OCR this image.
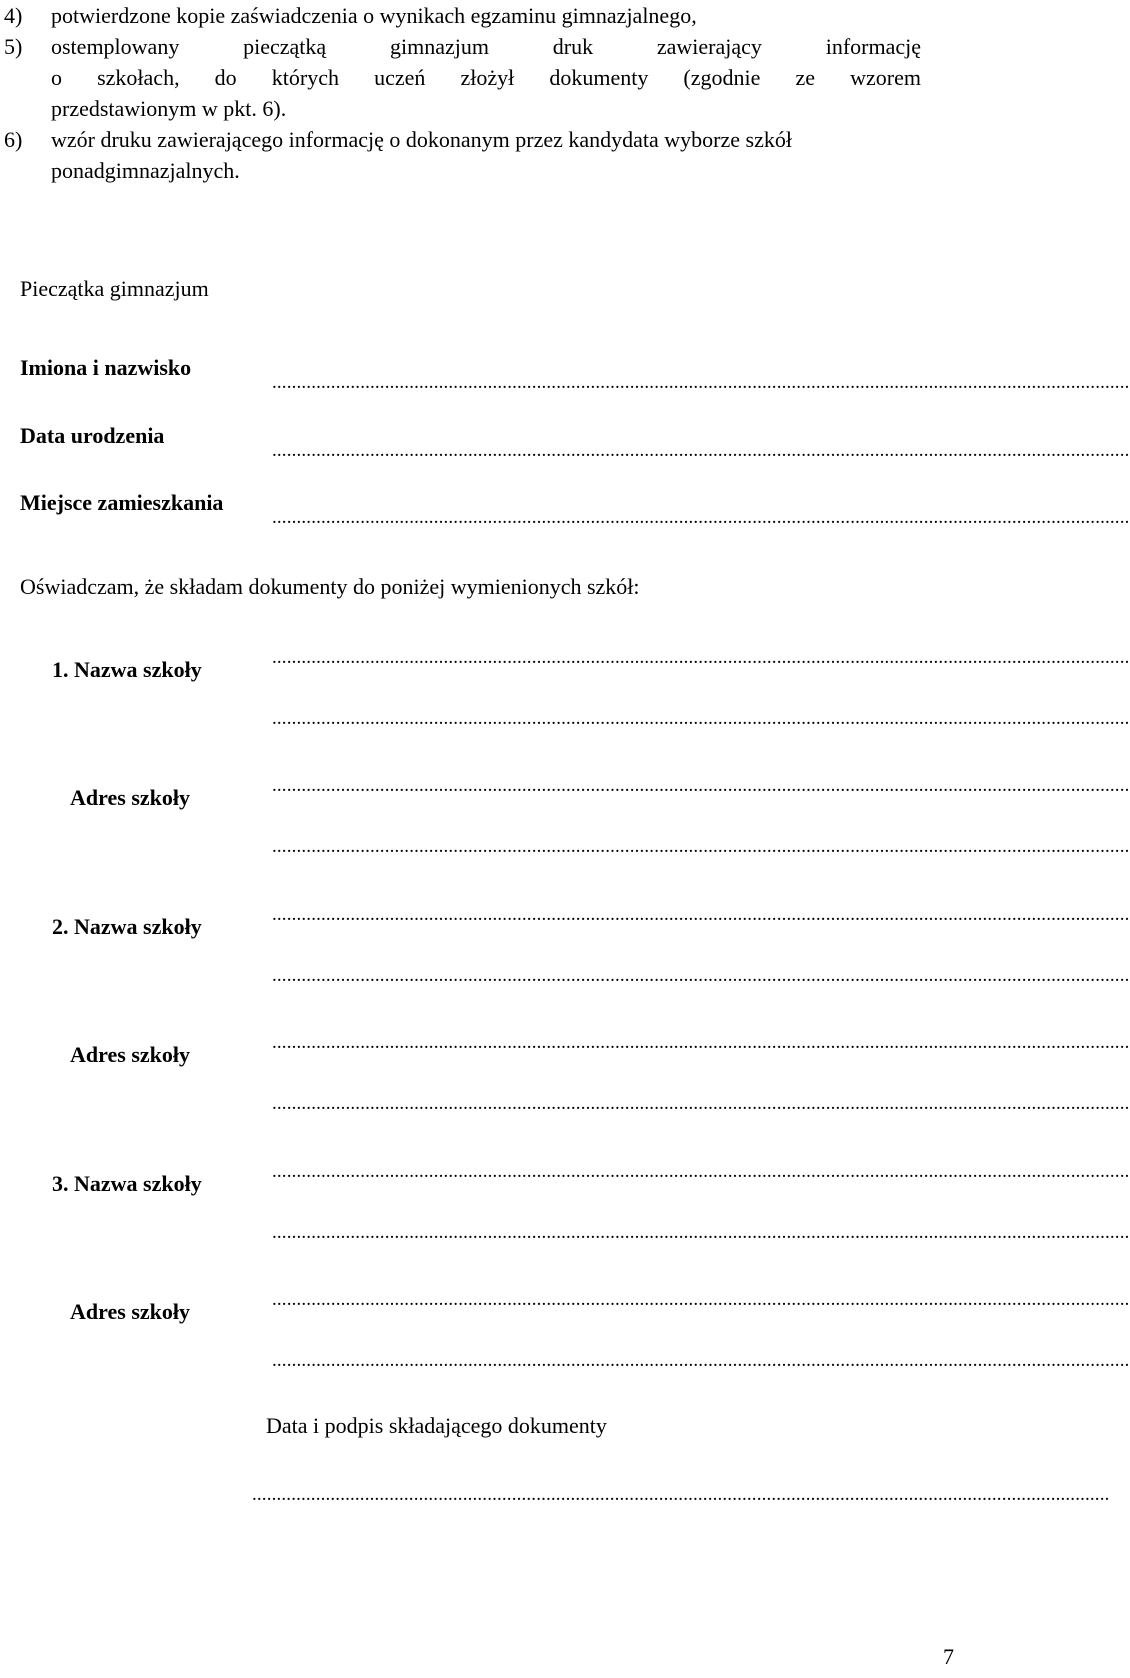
4) potwierdzone kopie zaświadczenia o wynikach egzaminu gimnazjalnego,
5) ostemplowany pieczątką gimnazjum druk zawierający informację
o szkołach, do których uczeń złożył dokumenty (zgodnie ze wzorem
przedstawionym w pkt. 6).
6) wzór druku zawierającego informację o dokonanym przez kandydata wyborze szkół
ponadgimnazjalnych.
Pieczątka gimnazjum
Imiona i nazwisko
...............................................................................................................................................................................
Data urodzenia
...............................................................................................................................................................................
Miejsce zamieszkania
...............................................................................................................................................................................
Oświadczam, że składam dokumenty do poniżej wymienionych szkół:
1. Nazwa szkoły	...............................................................................................................................................................................
...............................................................................................................................................................................
Adres szkoły	...............................................................................................................................................................................
...............................................................................................................................................................................
2. Nazwa szkoły	...............................................................................................................................................................................
...............................................................................................................................................................................
Adres szkoły	...............................................................................................................................................................................
...............................................................................................................................................................................
3. Nazwa szkoły	...............................................................................................................................................................................
...............................................................................................................................................................................
Adres szkoły	...............................................................................................................................................................................
...............................................................................................................................................................................
Data i podpis składającego dokumenty
...............................................................................................................................................................................
7
